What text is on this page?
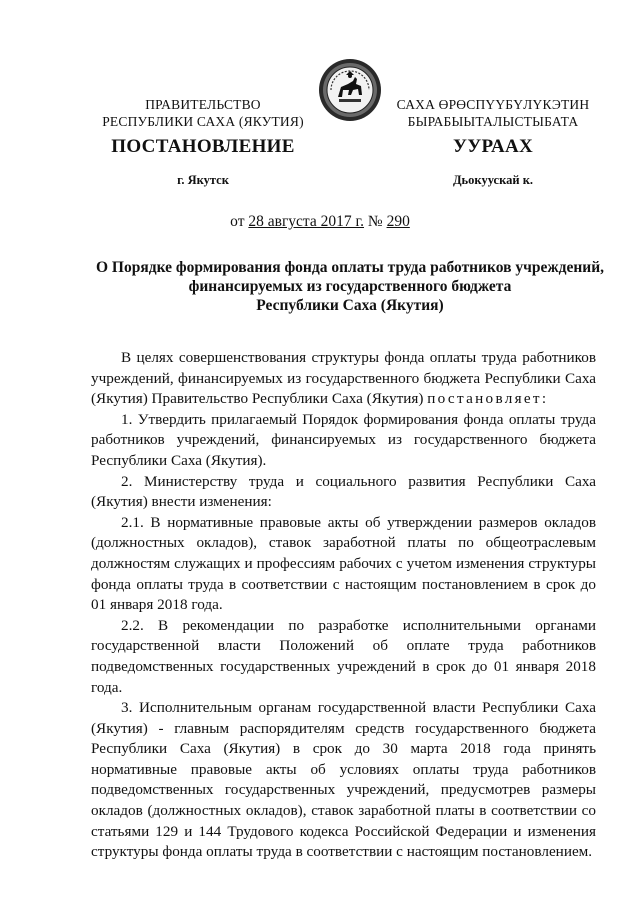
ПРАВИТЕЛЬСТВО
РЕСПУБЛИКИ САХА (ЯКУТИЯ)
САХА ӨРӨСПҮҮБҮЛҮКЭТИН
БЫРАБЫЫТАЛЫСТЫБАТА
ПОСТАНОВЛЕНИЕ	УУРААХ
г. Якутск	Дьокуускай к.
от 28 августа 2017 г. № 290
О Порядке формирования фонда оплаты труда работников учреждений,
финансируемых из государственного бюджета
Республики Саха (Якутия)

В целях совершенствования структуры фонда оплаты труда работников учреждений, финансируемых из государственного бюджета Республики Саха (Якутия) Правительство Республики Саха (Якутия) постановляет:

1. Утвердить прилагаемый Порядок формирования фонда оплаты труда работников учреждений, финансируемых из государственного бюджета Республики Саха (Якутия).

2. Министерству труда и социального развития Республики Саха (Якутия) внести изменения:

2.1. В нормативные правовые акты об утверждении размеров окладов (должностных окладов), ставок заработной платы по общеотраслевым должностям служащих и профессиям рабочих с учетом изменения структуры фонда оплаты труда в соответствии с настоящим постановлением в срок до 01 января 2018 года.

2.2. В рекомендации по разработке исполнительными органами государственной власти Положений об оплате труда работников подведомственных государственных учреждений в срок до 01 января 2018 года.

3. Исполнительным органам государственной власти Республики Саха (Якутия) - главным распорядителям средств государственного бюджета Республики Саха (Якутия) в срок до 30 марта 2018 года принять нормативные правовые акты об условиях оплаты труда работников подведомственных государственных учреждений, предусмотрев размеры окладов (должностных окладов), ставок заработной платы в соответствии со статьями 129 и 144 Трудового кодекса Российской Федерации и изменения структуры фонда оплаты труда в соответствии с настоящим постановлением.
